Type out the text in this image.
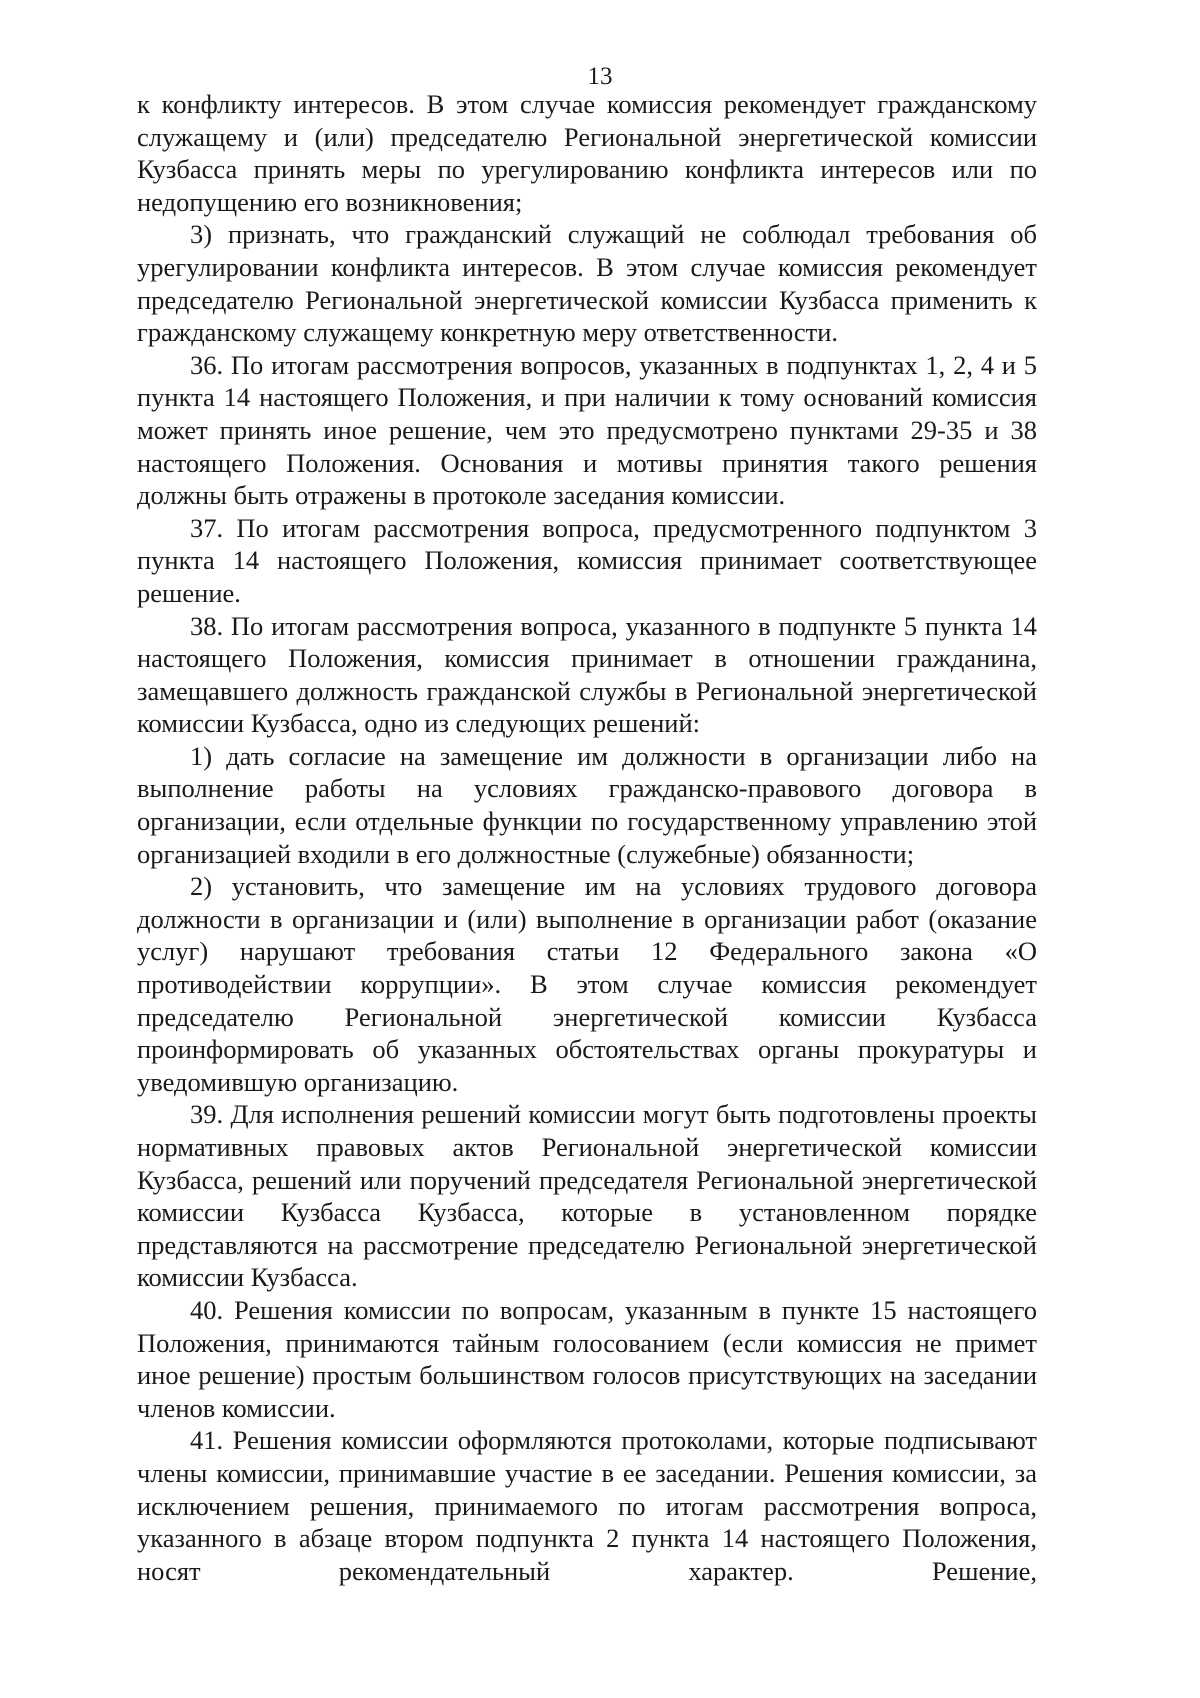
13

к конфликту интересов. В этом случае комиссия рекомендует гражданскому служащему и (или) председателю Региональной энергетической комиссии Кузбасса принять меры по урегулированию конфликта интересов или по недопущению его возникновения;

3) признать, что гражданский служащий не соблюдал требования об урегулировании конфликта интересов. В этом случае комиссия рекомендует председателю Региональной энергетической комиссии Кузбасса применить к гражданскому служащему конкретную меру ответственности.

36. По итогам рассмотрения вопросов, указанных в подпунктах 1, 2, 4 и 5 пункта 14 настоящего Положения, и при наличии к тому оснований комиссия может принять иное решение, чем это предусмотрено пунктами 29-35 и 38 настоящего Положения. Основания и мотивы принятия такого решения должны быть отражены в протоколе заседания комиссии.

37. По итогам рассмотрения вопроса, предусмотренного подпунктом 3 пункта 14 настоящего Положения, комиссия принимает соответствующее решение.

38. По итогам рассмотрения вопроса, указанного в подпункте 5 пункта 14 настоящего Положения, комиссия принимает в отношении гражданина, замещавшего должность гражданской службы в Региональной энергетической комиссии Кузбасса, одно из следующих решений:

1) дать согласие на замещение им должности в организации либо на выполнение работы на условиях гражданско-правового договора в организации, если отдельные функции по государственному управлению этой организацией входили в его должностные (служебные) обязанности;

2) установить, что замещение им на условиях трудового договора должности в организации и (или) выполнение в организации работ (оказание услуг) нарушают требования статьи 12 Федерального закона «О противодействии коррупции». В этом случае комиссия рекомендует председателю Региональной энергетической комиссии Кузбасса проинформировать об указанных обстоятельствах органы прокуратуры и уведомившую организацию.

39. Для исполнения решений комиссии могут быть подготовлены проекты нормативных правовых актов Региональной энергетической комиссии Кузбасса, решений или поручений председателя Региональной энергетической комиссии Кузбасса Кузбасса, которые в установленном порядке представляются на рассмотрение председателю Региональной энергетической комиссии Кузбасса.

40. Решения комиссии по вопросам, указанным в пункте 15 настоящего Положения, принимаются тайным голосованием (если комиссия не примет иное решение) простым большинством голосов присутствующих на заседании членов комиссии.

41. Решения комиссии оформляются протоколами, которые подписывают члены комиссии, принимавшие участие в ее заседании. Решения комиссии, за исключением решения, принимаемого по итогам рассмотрения вопроса, указанного в абзаце втором подпункта 2 пункта 14 настоящего Положения, носят рекомендательный характер. Решение,
